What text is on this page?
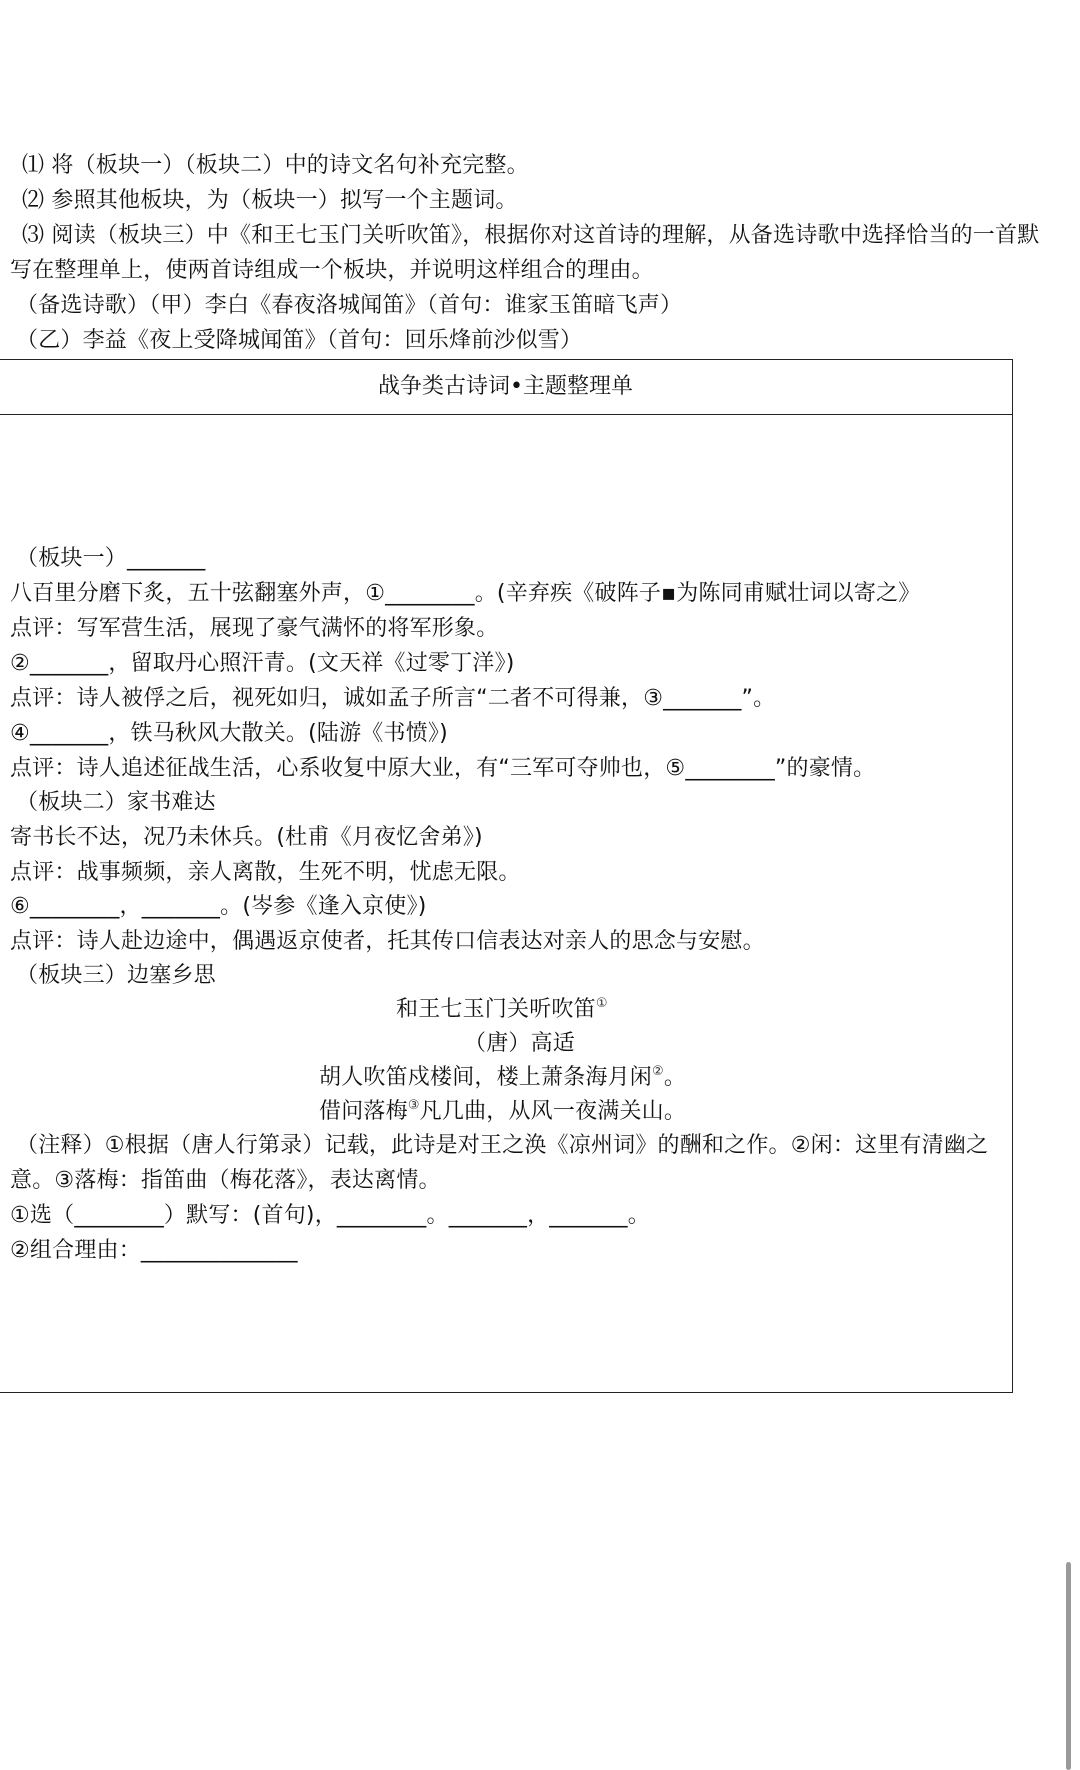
⑴ 将（板块一）（板块二）中的诗文名句补充完整。
⑵ 参照其他板块，为（板块一）拟写一个主题词。
⑶ 阅读（板块三）中《和王七玉门关听吹笛》，根据你对这首诗的理解，从备选诗歌中选择恰当的一首默
写在整理单上，使两首诗组成一个板块，并说明这样组合的理由。
（备选诗歌）（甲）李白《春夜洛城闻笛》（首句：谁家玉笛暗飞声）
（乙）李益《夜上受降城闻笛》（首句：回乐烽前沙似雪）
战争类古诗词•主题整理单
（板块一）_______
八百里分磨下炙，五十弦翻塞外声，①________。(辛弃疾《破阵子▪为陈同甫赋壮词以寄之》
点评：写军营生活，展现了豪气满怀的将军形象。
②_______，留取丹心照汗青。(文天祥《过零丁洋》)
点评：诗人被俘之后，视死如归，诚如孟子所言“二者不可得兼，③_______”。
④_______，铁马秋风大散关。(陆游《书愤》)
点评：诗人追述征战生活，心系收复中原大业，有“三军可夺帅也，⑤________”的豪情。
（板块二）家书难达
寄书长不达，况乃未休兵。(杜甫《月夜忆舍弟》)
点评：战事频频，亲人离散，生死不明，忧虑无限。
⑥________，_______。(岑参《逢入京使》)
点评：诗人赴边途中，偶遇返京使者，托其传口信表达对亲人的思念与安慰。
（板块三）边塞乡思
和王七玉门关听吹笛①
（唐）高适
胡人吹笛戍楼间，楼上萧条海月闲②。
借问落梅③凡几曲，从风一夜满关山。
（注释）①根据（唐人行第录）记载，此诗是对王之涣《凉州词》的酬和之作。②闲：这里有清幽之
意。③落梅：指笛曲（梅花落》，表达离情。
①选（________）默写：(首句)，________。_______，_______。
②组合理由：______________
